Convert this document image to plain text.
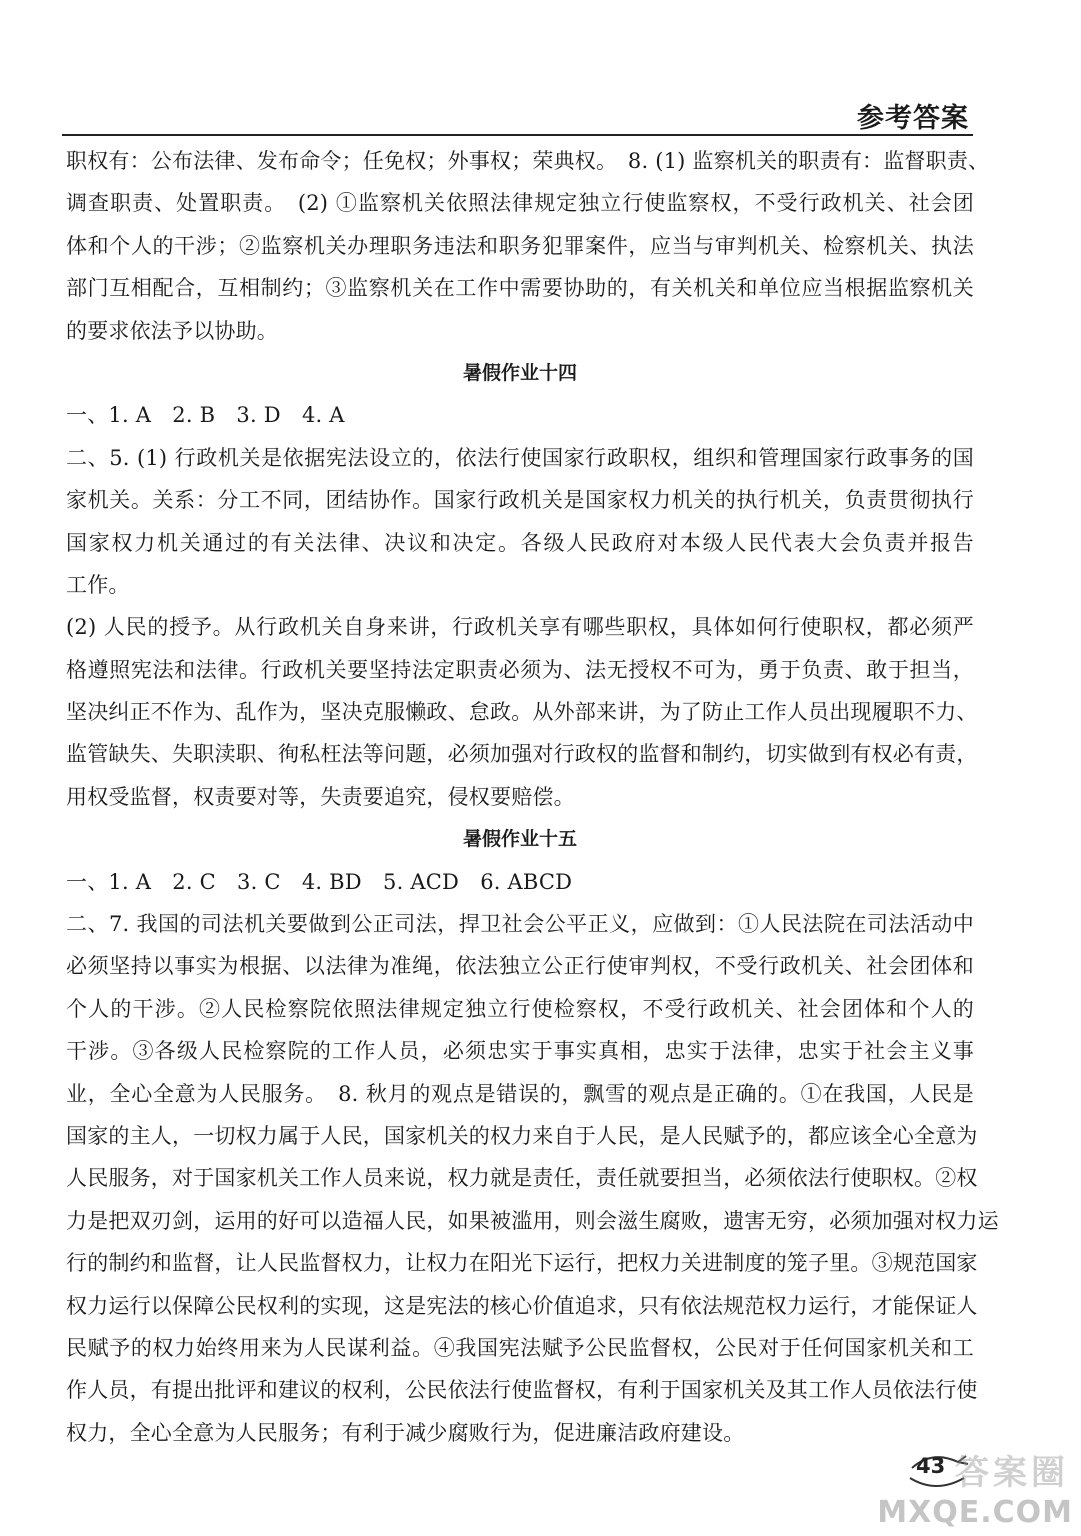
参考答案
职权有：公布法律、发布命令；任免权；外事权；荣典权。　8. (1) 监察机关的职责有：监督职责、
调查职责、处置职责。　(2) ①监察机关依照法律规定独立行使监察权，不受行政机关、社会团
体和个人的干涉；②监察机关办理职务违法和职务犯罪案件，应当与审判机关、检察机关、执法
部门互相配合，互相制约；③监察机关在工作中需要协助的，有关机关和单位应当根据监察机关
的要求依法予以协助。
暑假作业十四
一、1. A　2. B　3. D　4. A
二、5. (1) 行政机关是依据宪法设立的，依法行使国家行政职权，组织和管理国家行政事务的国
家机关。关系：分工不同，团结协作。国家行政机关是国家权力机关的执行机关，负责贯彻执行
国家权力机关通过的有关法律、决议和决定。各级人民政府对本级人民代表大会负责并报告
工作。
(2) 人民的授予。从行政机关自身来讲，行政机关享有哪些职权，具体如何行使职权，都必须严
格遵照宪法和法律。行政机关要坚持法定职责必须为、法无授权不可为，勇于负责、敢于担当，
坚决纠正不作为、乱作为，坚决克服懒政、怠政。从外部来讲，为了防止工作人员出现履职不力、
监管缺失、失职渎职、徇私枉法等问题，必须加强对行政权的监督和制约，切实做到有权必有责，
用权受监督，权责要对等，失责要追究，侵权要赔偿。
暑假作业十五
一、1. A　2. C　3. C　4. BD　5. ACD　6. ABCD
二、7. 我国的司法机关要做到公正司法，捍卫社会公平正义，应做到：①人民法院在司法活动中
必须坚持以事实为根据、以法律为准绳，依法独立公正行使审判权，不受行政机关、社会团体和
个人的干涉。②人民检察院依照法律规定独立行使检察权，不受行政机关、社会团体和个人的
干涉。③各级人民检察院的工作人员，必须忠实于事实真相，忠实于法律，忠实于社会主义事
业，全心全意为人民服务。　8. 秋月的观点是错误的，飘雪的观点是正确的。①在我国，人民是
国家的主人，一切权力属于人民，国家机关的权力来自于人民，是人民赋予的，都应该全心全意为
人民服务，对于国家机关工作人员来说，权力就是责任，责任就要担当，必须依法行使职权。②权
力是把双刃剑，运用的好可以造福人民，如果被滥用，则会滋生腐败，遗害无穷，必须加强对权力运
行的制约和监督，让人民监督权力，让权力在阳光下运行，把权力关进制度的笼子里。③规范国家
权力运行以保障公民权利的实现，这是宪法的核心价值追求，只有依法规范权力运行，才能保证人
民赋予的权力始终用来为人民谋利益。④我国宪法赋予公民监督权，公民对于任何国家机关和工
作人员，有提出批评和建议的权利，公民依法行使监督权，有利于国家机关及其工作人员依法行使
权力，全心全意为人民服务；有利于减少腐败行为，促进廉洁政府建设。
43 答案圈
MXQE.COM
